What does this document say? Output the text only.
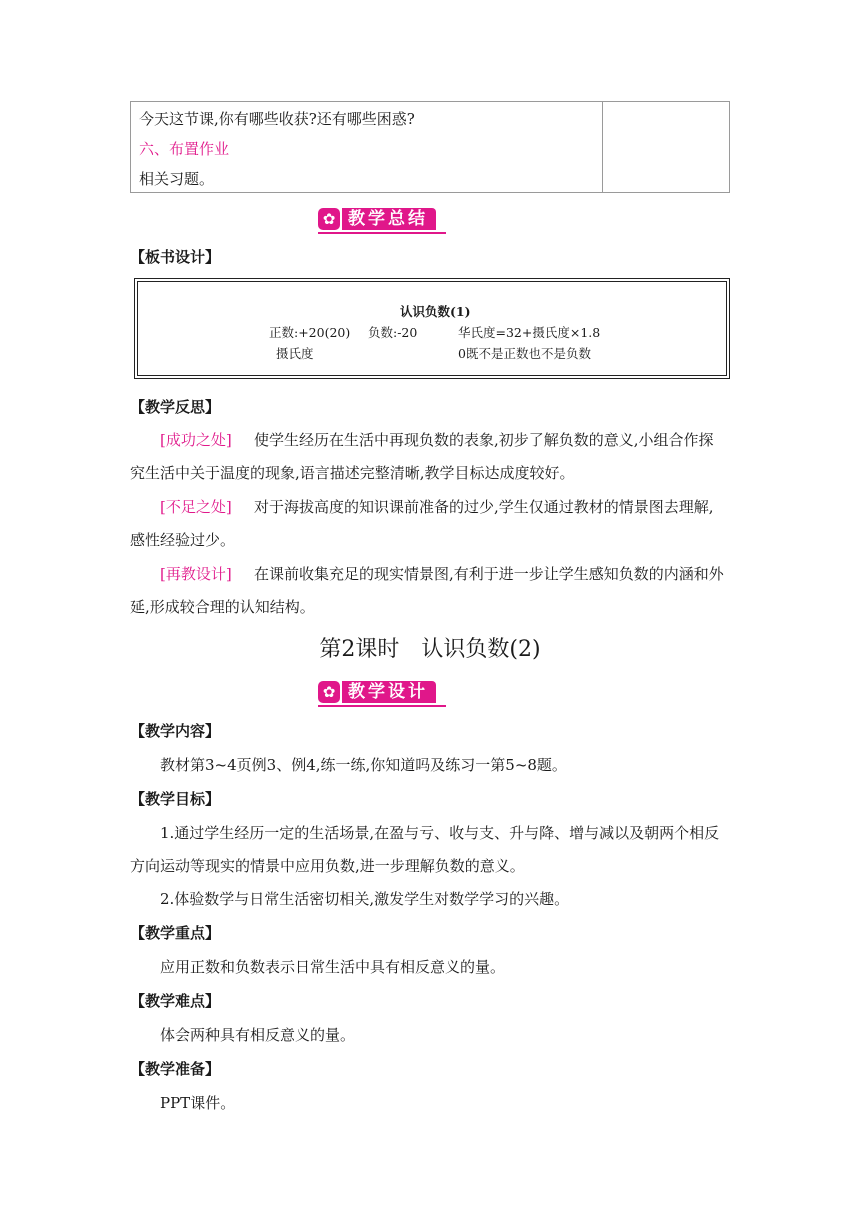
今天这节课,你有哪些收获?还有哪些困惑?
六、布置作业
相关习题。
✿ 教学总结
【板书设计】
认识负数(1)
正数:+20(20) 负数:-20	华氏度=32+摄氏度×1.8
摄氏度	0既不是正数也不是负数
【教学反思】
[成功之处] 使学生经历在生活中再现负数的表象,初步了解负数的意义,小组合作探
究生活中关于温度的现象,语言描述完整清晰,教学目标达成度较好。
[不足之处] 对于海拔高度的知识课前准备的过少,学生仅通过教材的情景图去理解,
感性经验过少。
[再教设计] 在课前收集充足的现实情景图,有利于进一步让学生感知负数的内涵和外
延,形成较合理的认知结构。
第2课时　认识负数(2)
✿ 教学设计
【教学内容】
教材第3~4页例3、例4,练一练,你知道吗及练习一第5~8题。
【教学目标】
1.通过学生经历一定的生活场景,在盈与亏、收与支、升与降、增与减以及朝两个相反
方向运动等现实的情景中应用负数,进一步理解负数的意义。
2.体验数学与日常生活密切相关,激发学生对数学学习的兴趣。
【教学重点】
应用正数和负数表示日常生活中具有相反意义的量。
【教学难点】
体会两种具有相反意义的量。
【教学准备】
PPT课件。
